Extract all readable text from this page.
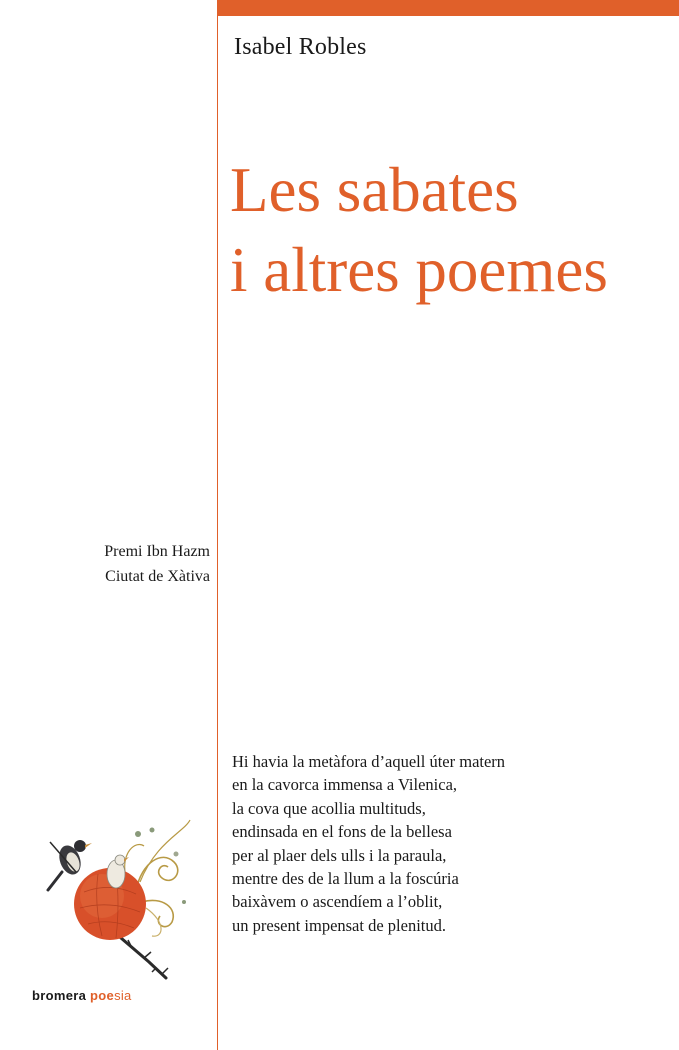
Isabel Robles
Les sabates
i altres poemes
Premi Ibn Hazm
Ciutat de Xàtiva
Hi havia la metàfora d’aquell úter matern
en la cavorca immensa a Vilenica,
la cova que acollia multituds,
endinsada en el fons de la bellesa
per al plaer dels ulls i la paraula,
mentre des de la llum a la foscúria
baixàvem o ascendíem a l’oblit,
un present impensat de plenitud.
bromera poesia
